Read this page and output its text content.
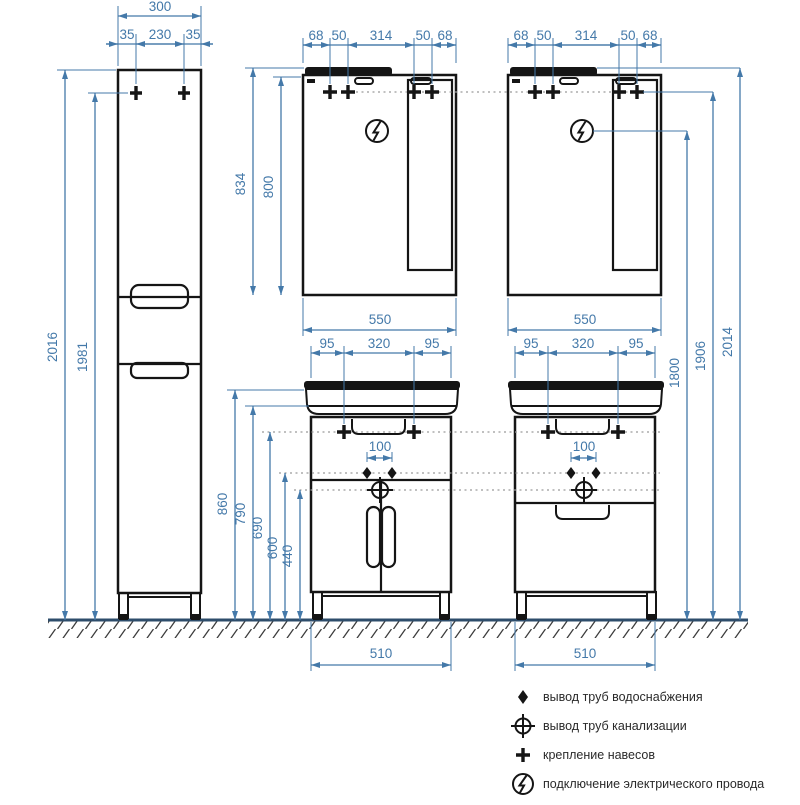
300
35 230 35
2016 1981
68 50 314 50 68
834 800
550
68 50 314 50 68
550
1800
1906 2014
95 320	95
100
860 790
690
600 440
510
95 320	95
100
510
вывод труб водоснабжения
вывод труб канализации
крепление навесов
подключение электрического провода
